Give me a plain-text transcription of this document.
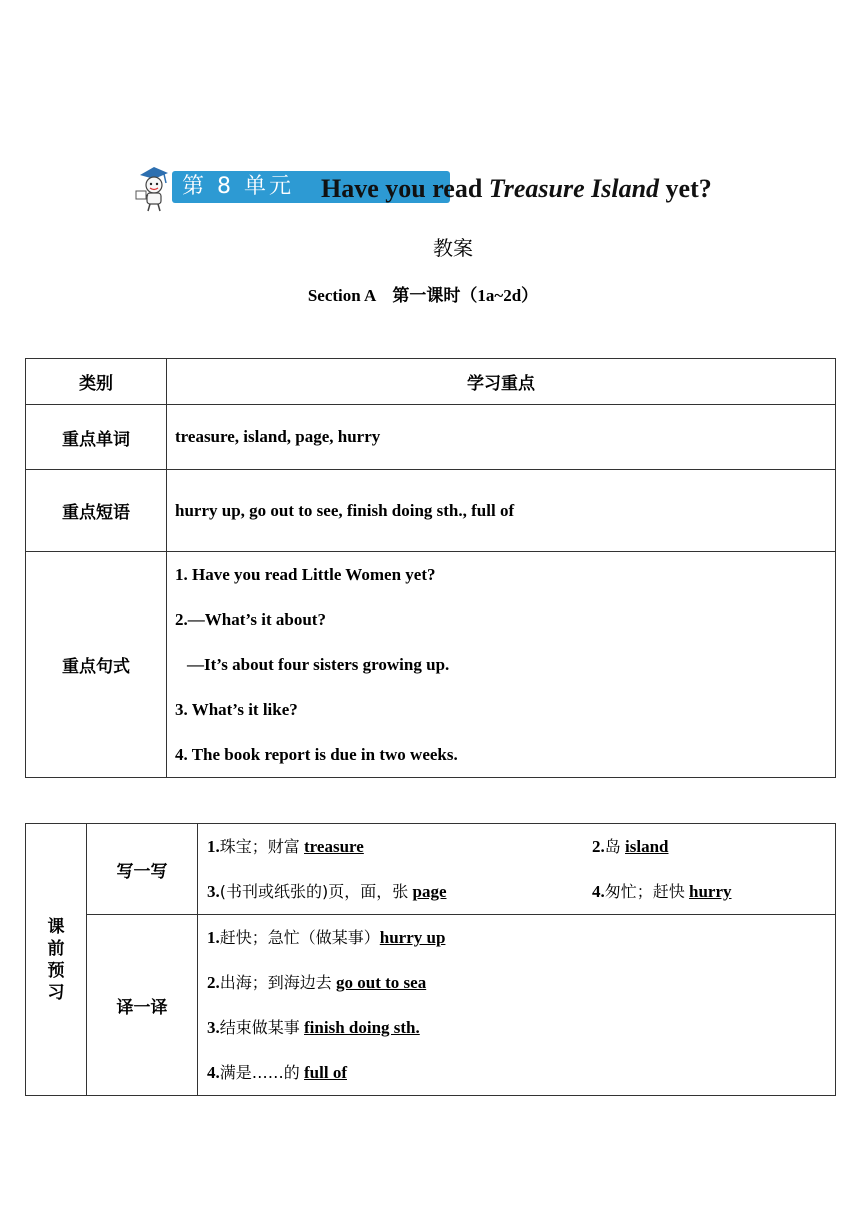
第 8 单元 Have you read Treasure Island yet?
教案
Section A　第一课时（1a~2d）
类别	学习重点
重点单词	treasure, island, page, hurry
重点短语	hurry up, go out to see, finish doing sth., full of
重点句式	1. Have you read Little Women yet?
2.—What’s it about?
—It’s about four sisters growing up.
3. What’s it like?
4. The book report is due in two weeks.
课前预习	写一写	1.珠宝；财富 treasure 2.岛 island
3.(书刊或纸张的)页，面，张 page 4.匆忙；赶快 hurry

	译一译	1.赶快；急忙（做某事）hurry up
2.出海；到海边去 go out to sea
3.结束做某事 finish doing sth.
4.满是……的 full of
